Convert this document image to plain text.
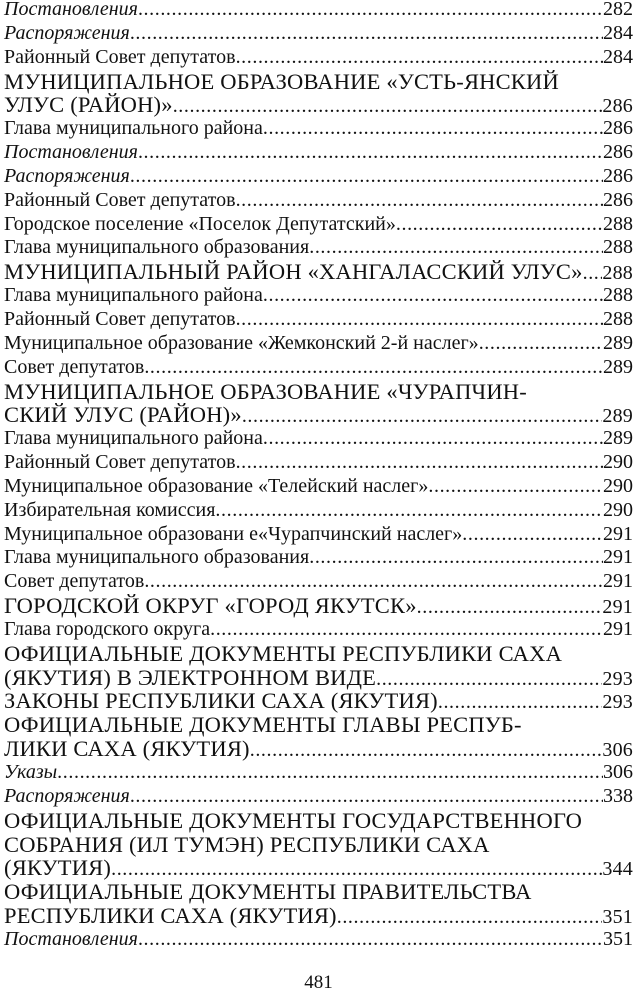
Постановления .....	282
Распоряжения .....	284
Районный Совет депутатов .....	284
МУНИЦИПАЛЬНОЕ ОБРАЗОВАНИЕ «УСТЬ-ЯНСКИЙ
УЛУС (РАЙОН)» .....	286
Глава муниципального района .....	286
Постановления .....	286
Распоряжения .....	286
Районный Совет депутатов .....	286
Городское поселение «Поселок Депутатский» .....	288
Глава муниципального образования .....	288
МУНИЦИПАЛЬНЫЙ РАЙОН «ХАНГАЛАССКИЙ УЛУС» ..... 288
Глава муниципального района .....	288
Районный Совет депутатов .....	288
Муниципальное образование «Жемконский 2-й наслег» .....	289
Совет депутатов .....	289
МУНИЦИПАЛЬНОЕ ОБРАЗОВАНИЕ «ЧУРАПЧИН-
СКИЙ УЛУС (РАЙОН)» .....	289
Глава муниципального района .....	289
Районный Совет депутатов .....	290
Муниципальное образование «Телейский наслег» .....	290
Избирательная комиссия .....	290
Муниципальное образовани е«Чурапчинский наслег» .....	291
Глава муниципального образования .....	291
Совет депутатов .....	291
ГОРОДСКОЙ ОКРУГ «ГОРОД ЯКУТСК» .....	291
Глава городского округа .....	291
ОФИЦИАЛЬНЫЕ ДОКУМЕНТЫ РЕСПУБЛИКИ САХА
(ЯКУТИЯ) В ЭЛЕКТРОННОМ ВИДЕ .....	293
ЗАКОНЫ РЕСПУБЛИКИ САХА (ЯКУТИЯ) .....	293
ОФИЦИАЛЬНЫЕ ДОКУМЕНТЫ ГЛАВЫ РЕСПУБ-
ЛИКИ САХА (ЯКУТИЯ) .....	306
Указы .....	306
Распоряжения .....	338
ОФИЦИАЛЬНЫЕ ДОКУМЕНТЫ ГОСУДАРСТВЕННОГО
СОБРАНИЯ (ИЛ ТУМЭН) РЕСПУБЛИКИ САХА
(ЯКУТИЯ) .....	344
ОФИЦИАЛЬНЫЕ ДОКУМЕНТЫ ПРАВИТЕЛЬСТВА
РЕСПУБЛИКИ САХА (ЯКУТИЯ) .....	351
Постановления .....	351
481
